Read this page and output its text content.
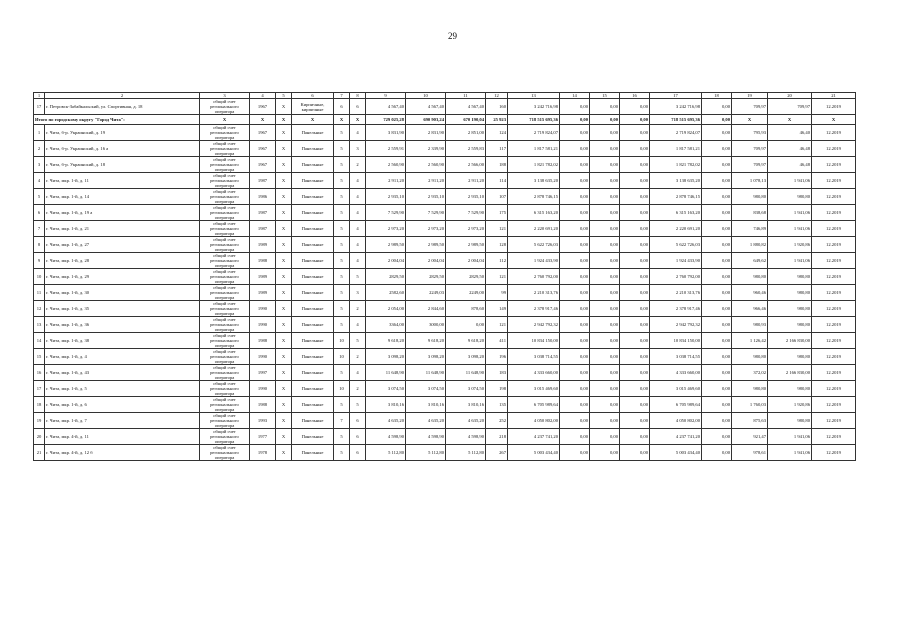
29
1	2	3	4	5	6	7	8	9	10	11	12	13	14	15	16	17	18	19	20	21
17	г. Петровск-Забайкальский, ул. Спортивная, д. 18	общий счет
регионального
оператора	1967	X	Кирпичные,
кирпичные	6	6	4 567,40	4 567,40	4 567,40	160	3 242 716,98	0,00	0,00	0,00	3 242 716,98	0,00	709,97	709,97	12.2019
Итого по городскому округу "Город Чита":		X	X	X	X	X	X	729 025,28	690 903,24	670 190,04	25 923	718 515 695,36	0,00	0,00	0,00	718 515 695,36	0,00	X	X	X
1	г. Чита, б-р. Украинский, д. 19	общий счет
регионального
оператора	1967	X	Панельные	5	4	3 831,90	2 831,90	2 851,00	124	2 719 824,07	0,00	0,00	0,00	2 719 824,07	0,00	795,93	46,40	12.2019
2	г. Чита, б-р. Украинский, д. 16 а	общий счет
регионального
оператора	1967	X	Панельные	5	3	2 559,91	2 339,90	2 559,83	117	1 817 581,21	0,00	0,00	0,00	1 817 581,21	0,00	709,97	46,48	12.2019
3	г. Чита, б-р. Украинский, д. 18	общий счет
регионального
оператора	1967	X	Панельные	5	2	2 560,90	2 560,90	2 566,00	188	1 821 782,02	0,00	0,00	0,00	1 821 782,02	0,00	709,97	46,48	12.2019
4	г. Чита, мкр. 1-й, д. 11	общий счет
регионального
оператора	1987	X	Панельные	5	4	2 911,20	2 911,20	2 911,20	114	3 138 635,20	0,00	0,00	0,00	3 138 635,20	0,00	1 078,13	1 941,06	12.2019
5	г. Чита, мкр. 1-й, д. 14	общий счет
регионального
оператора	1986	X	Панельные	5	4	2 935,10	2 935,10	2 935,10	107	2 878 746,15	0,00	0,00	0,00	2 878 746,15	0,00	980,80	980,80	12.2019
6	г. Чита, мкр. 1-й, д. 19 а	общий счет
регионального
оператора	1987	X	Панельные	5	4	7 529,90	7 529,90	7 529,90	175	6 315 163,20	0,00	0,00	0,00	6 315 163,20	0,00	838,68	1 941,06	12.2019
7	г. Чита, мкр. 1-й, д. 21	общий счет
регионального
оператора	1987	X	Панельные	5	4	2 973,20	2 973,20	2 973,20	121	2 220 691,20	0,00	0,00	0,00	2 220 691,20	0,00	746,89	1 941,06	12.2019
8	г. Чита, мкр. 1-й, д. 27	общий счет
регионального
оператора	1989	X	Панельные	5	4	2 989,50	2 989,50	2 989,50	128	5 622 726,03	0,00	0,00	0,00	5 622 726,03	0,00	1 880,82	1 920,86	12.2019
9	г. Чита, мкр. 1-й, д. 28	общий счет
регионального
оператора	1988	X	Панельные	5	4	2 004,04	2 004,04	2 004,04	112	1 924 433,90	0,00	0,00	0,00	1 924 433,90	0,00	649,62	1 941,06	12.2019
10	г. Чита, мкр. 1-й, д. 29	общий счет
регионального
оператора	1989	X	Панельные	5	5	2829,50	2829,50	2829,50	121	2 760 792,00	0,00	0,00	0,00	2 760 792,00	0,00	980,80	980,80	12.2019
11	г. Чита, мкр. 1-й, д. 30	общий счет
регионального
оператора	1989	X	Панельные	5	3	2582,60	2249,03	2249,00	99	2 210 313,76	0,00	0,00	0,00	2 210 313,76	0,00	960,46	980,80	12.2019
12	г. Чита, мкр. 1-й, д. 35	общий счет
регионального
оператора	1990	X	Панельные	5	2	2 054,00	2 844,60	878,60	149	2 378 917,46	0,00	0,00	0,00	2 378 917,46	0,00	966,46	980,80	12.2019
13	г. Чита, мкр. 1-й, д. 36	общий счет
регионального
оператора	1990	X	Панельные	5	4	3364,00	3000,00	0,00	121	2 942 792,32	0,00	0,00	0,00	2 942 792,32	0,00	980,93	980,80	12.2019
14	г. Чита, мкр. 1-й, д. 38	общий счет
регионального
оператора	1988	X	Панельные	10	5	9 618,20	9 618,20	9 618,20	411	10 834 150,00	0,00	0,00	0,00	10 834 150,00	0,00	1 126,42	2 166 830,00	12.2019
15	г. Чита, мкр. 1-й, д. 4	общий счет
регионального
оператора	1990	X	Панельные	10	2	3 098,20	3 098,20	3 098,20	196	3 038 714,55	0,00	0,00	0,00	3 038 714,55	0,00	980,80	980,80	12.2019
16	г. Чита, мкр. 1-й, д. 43	общий счет
регионального
оператора	1997	X	Панельные	5	4	11 648,90	11 648,90	11 648,90	183	4 333 660,00	0,00	0,00	0,00	4 333 660,00	0,00	372,02	2 166 830,00	12.2019
17	г. Чита, мкр. 1-й, д. 5	общий счет
регионального
оператора	1990	X	Панельные	10	2	3 074,50	3 074,50	3 074,50	198	3 015 469,60	0,00	0,00	0,00	3 015 469,60	0,00	980,80	980,80	12.2019
18	г. Чита, мкр. 1-й, д. 6	общий счет
регионального
оператора	1988	X	Панельные	5	5	3 810,16	3 810,16	3 810,16	135	6 705 989,64	0,00	0,00	0,00	6 705 989,64	0,00	1 760,03	1 920,86	12.2019
19	г. Чита, мкр. 1-й, д. 7	общий счет
регионального
оператора	1993	X	Панельные	7	6	4 635,20	4 635,20	4 635,20	252	4 050 802,00	0,00	0,00	0,00	4 050 802,00	0,00	875,63	980,80	12.2019
20	г. Чита, мкр. 4-й, д. 11	общий счет
регионального
оператора	1977	X	Панельные	5	6	4 598,90	4 598,90	4 598,90	218	4 237 741,20	0,00	0,00	0,00	4 237 741,20	0,00	921,47	1 941,06	12.2019
21	г. Чита, мкр. 4-й, д. 12 б	общий счет
регионального
оператора	1978	X	Панельные	5	6	5 112,80	5 112,80	5 112,80	267	5 003 434,40	0,00	0,00	0,00	5 003 434,40	0,00	978,61	1 941,06	12.2019
